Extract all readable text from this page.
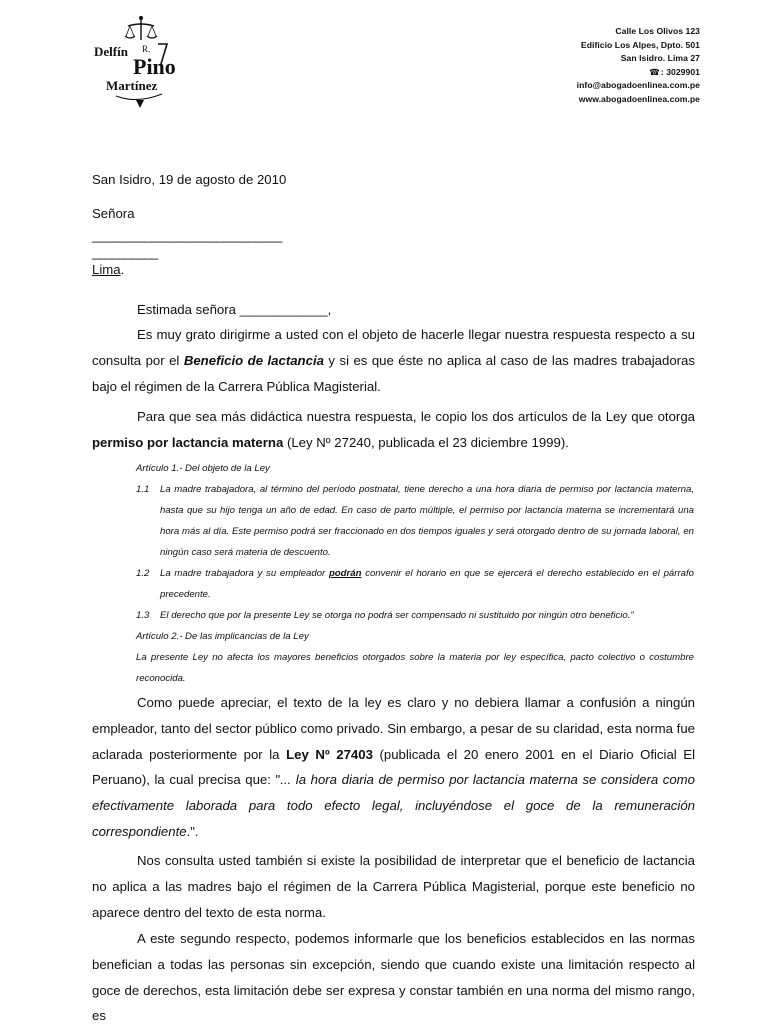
Delfín R.
Pino
Martínez
Calle Los Olivos 123
Edificio Los Alpes, Dpto. 501
San Isidro. Lima 27
☎: 3029901
info@abogadoenlinea.com.pe
www.abogadoenlinea.com.pe
San Isidro, 19 de agosto de 2010
Señora
_____________________________
__________
Lima.
Estimada señora ____________,
Es muy grato dirigirme a usted con el objeto de hacerle llegar nuestra respuesta respecto a su consulta por el Beneficio de lactancia y si es que éste no aplica al caso de las madres trabajadoras bajo el régimen de la Carrera Pública Magisterial.
Para que sea más didáctica nuestra respuesta, le copio los dos artículos de la Ley que otorga permiso por lactancia materna (Ley Nº 27240, publicada el 23 diciembre 1999).
Artículo 1.- Del objeto de la Ley
1.1	La madre trabajadora, al término del período postnatal, tiene derecho a una hora diaria de permiso por lactancia materna, hasta que su hijo tenga un año de edad. En caso de parto múltiple, el permiso por lactancia materna se incrementará una hora más al día. Este permiso podrá ser fraccionado en dos tiempos iguales y será otorgado dentro de su jornada laboral, en ningún caso será materia de descuento.
1.2	La madre trabajadora y su empleador podrán convenir el horario en que se ejercerá el derecho establecido en el párrafo precedente.
1.3	El derecho que por la presente Ley se otorga no podrá ser compensado ni sustituido por ningún otro beneficio.”
Artículo 2.- De las implicancias de la Ley
La presente Ley no afecta los mayores beneficios otorgados sobre la materia por ley específica, pacto colectivo o costumbre reconocida.
Como puede apreciar, el texto de la ley es claro y no debiera llamar a confusión a ningún empleador, tanto del sector público como privado. Sin embargo, a pesar de su claridad, esta norma fue aclarada posteriormente por la Ley Nº 27403 (publicada el 20 enero 2001 en el Diario Oficial El Peruano), la cual precisa que: "... la hora diaria de permiso por lactancia materna se considera como efectivamente laborada para todo efecto legal, incluyéndose el goce de la remuneración correspondiente.".
Nos consulta usted también si existe la posibilidad de interpretar que el beneficio de lactancia no aplica a las madres bajo el régimen de la Carrera Pública Magisterial, porque este beneficio no aparece dentro del texto de esta norma.
A este segundo respecto, podemos informarle que los beneficios establecidos en las normas benefician a todas las personas sin excepción, siendo que cuando existe una limitación respecto al goce de derechos, esta limitación debe ser expresa y constar también en una norma del mismo rango, es
